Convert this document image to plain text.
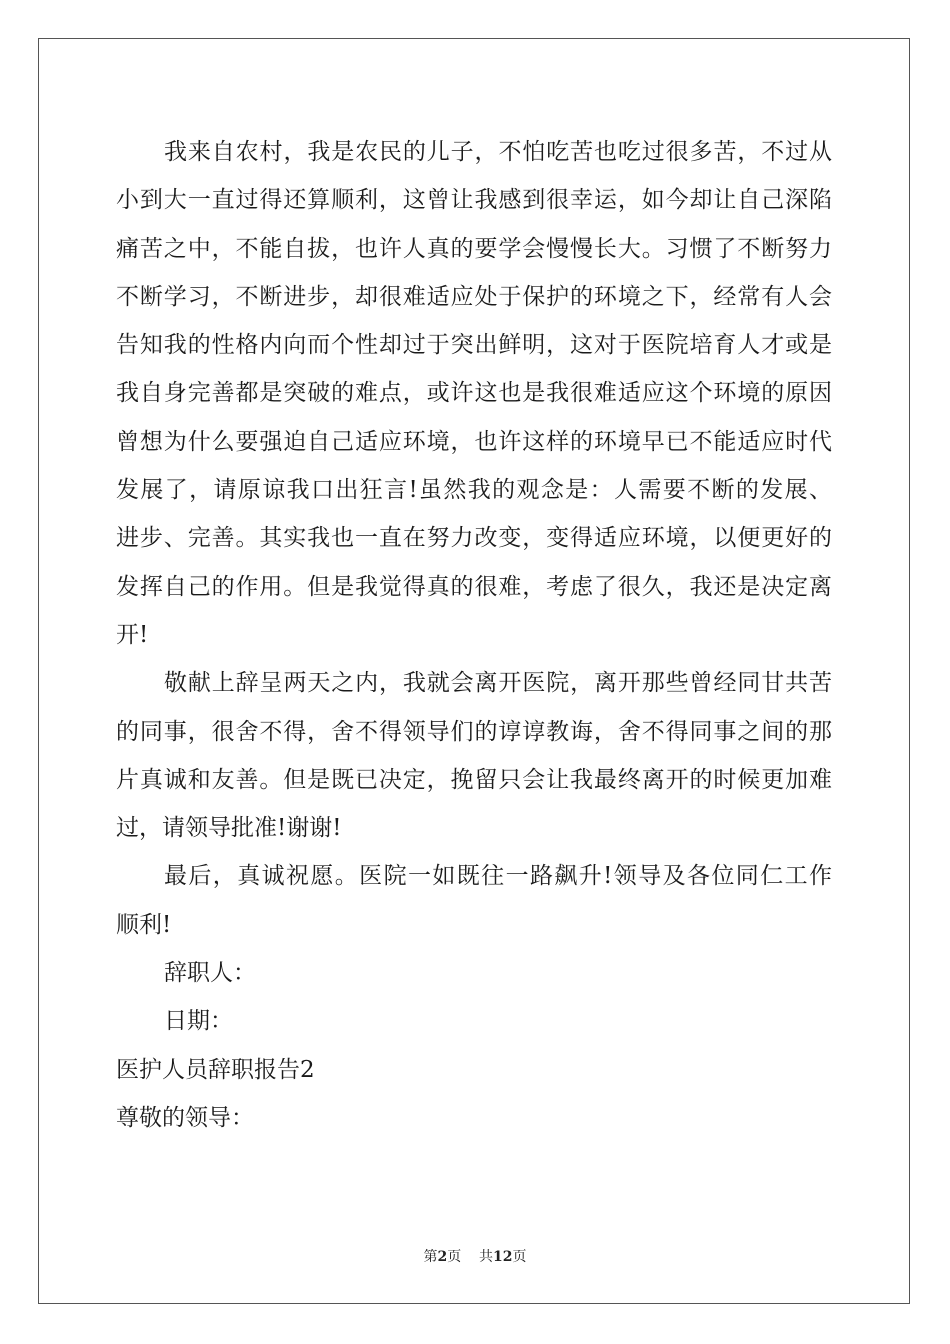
我来自农村，我是农民的儿子，不怕吃苦也吃过很多苦，不过从
小到大一直过得还算顺利，这曾让我感到很幸运，如今却让自己深陷
痛苦之中，不能自拔，也许人真的要学会慢慢长大。习惯了不断努力
不断学习，不断进步，却很难适应处于保护的环境之下，经常有人会
告知我的性格内向而个性却过于突出鲜明，这对于医院培育人才或是
我自身完善都是突破的难点，或许这也是我很难适应这个环境的原因
曾想为什么要强迫自己适应环境，也许这样的环境早已不能适应时代
发展了，请原谅我口出狂言!虽然我的观念是：人需要不断的发展、
进步、完善。其实我也一直在努力改变，变得适应环境，以便更好的
发挥自己的作用。但是我觉得真的很难，考虑了很久，我还是决定离
开!
敬献上辞呈两天之内，我就会离开医院，离开那些曾经同甘共苦
的同事，很舍不得，舍不得领导们的谆谆教诲，舍不得同事之间的那
片真诚和友善。但是既已决定，挽留只会让我最终离开的时候更加难
过，请领导批准!谢谢!
最后，真诚祝愿。医院一如既往一路飙升!领导及各位同仁工作
顺利!
辞职人：
日期：
医护人员辞职报告2
尊敬的领导：
第2页    共12页
